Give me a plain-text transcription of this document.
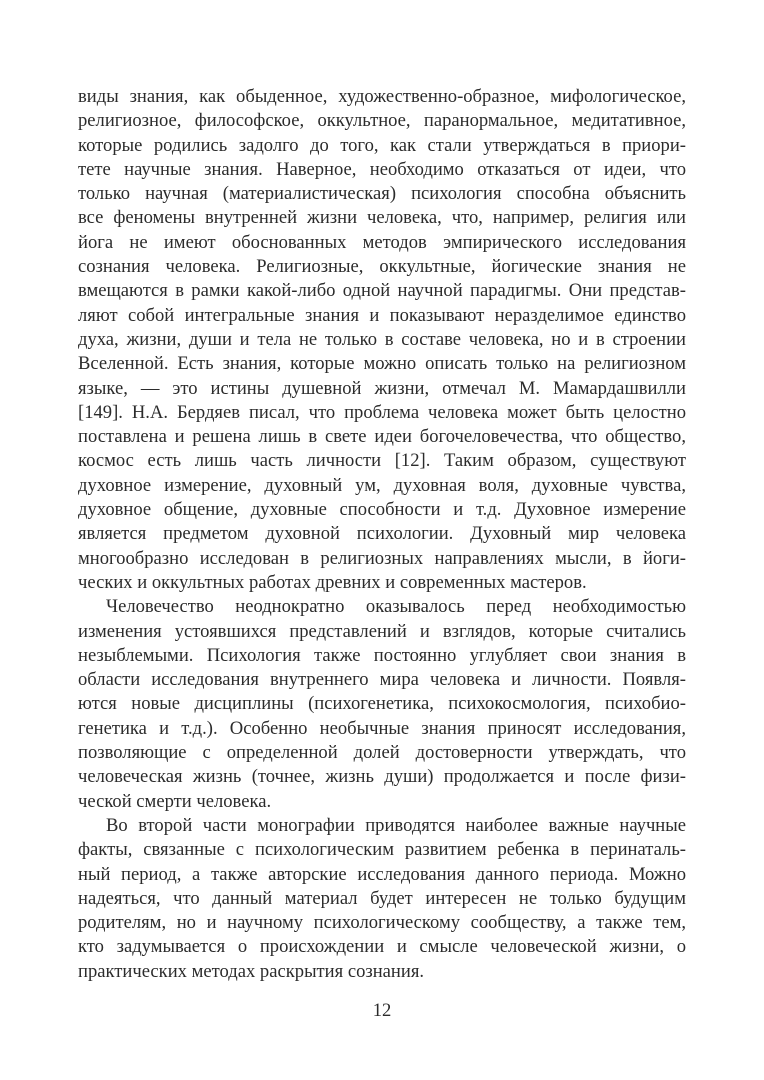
виды знания, как обыденное, художественно-образное, мифологическое,
религиозное, философское, оккультное, паранормальное, медитативное,
которые родились задолго до того, как стали утверждаться в приори-
тете научные знания. Наверное, необходимо отказаться от идеи, что
только научная (материалистическая) психология способна объяснить
все феномены внутренней жизни человека, что, например, религия или
йога не имеют обоснованных методов эмпирического исследования
сознания человека. Религиозные, оккультные, йогические знания не
вмещаются в рамки какой-либо одной научной парадигмы. Они представ-
ляют собой интегральные знания и показывают неразделимое единство
духа, жизни, души и тела не только в составе человека, но и в строении
Вселенной. Есть знания, которые можно описать только на религиозном
языке, — это истины душевной жизни, отмечал М. Мамардашвилли
[149]. Н.А. Бердяев писал, что проблема человека может быть целостно
поставлена и решена лишь в свете идеи богочеловечества, что общество,
космос есть лишь часть личности [12]. Таким образом, существуют
духовное измерение, духовный ум, духовная воля, духовные чувства,
духовное общение, духовные способности и т.д. Духовное измерение
является предметом духовной психологии. Духовный мир человека
многообразно исследован в религиозных направлениях мысли, в йоги-
ческих и оккультных работах древних и современных мастеров.
Человечество неоднократно оказывалось перед необходимостью
изменения устоявшихся представлений и взглядов, которые считались
незыблемыми. Психология также постоянно углубляет свои знания в
области исследования внутреннего мира человека и личности. Появля-
ются новые дисциплины (психогенетика, психокосмология, психобио-
генетика и т.д.). Особенно необычные знания приносят исследования,
позволяющие с определенной долей достоверности утверждать, что
человеческая жизнь (точнее, жизнь души) продолжается и после физи-
ческой смерти человека.
Во второй части монографии приводятся наиболее важные научные
факты, связанные с психологическим развитием ребенка в перинаталь-
ный период, а также авторские исследования данного периода. Можно
надеяться, что данный материал будет интересен не только будущим
родителям, но и научному психологическому сообществу, а также тем,
кто задумывается о происхождении и смысле человеческой жизни, о
практических методах раскрытия сознания.
12
